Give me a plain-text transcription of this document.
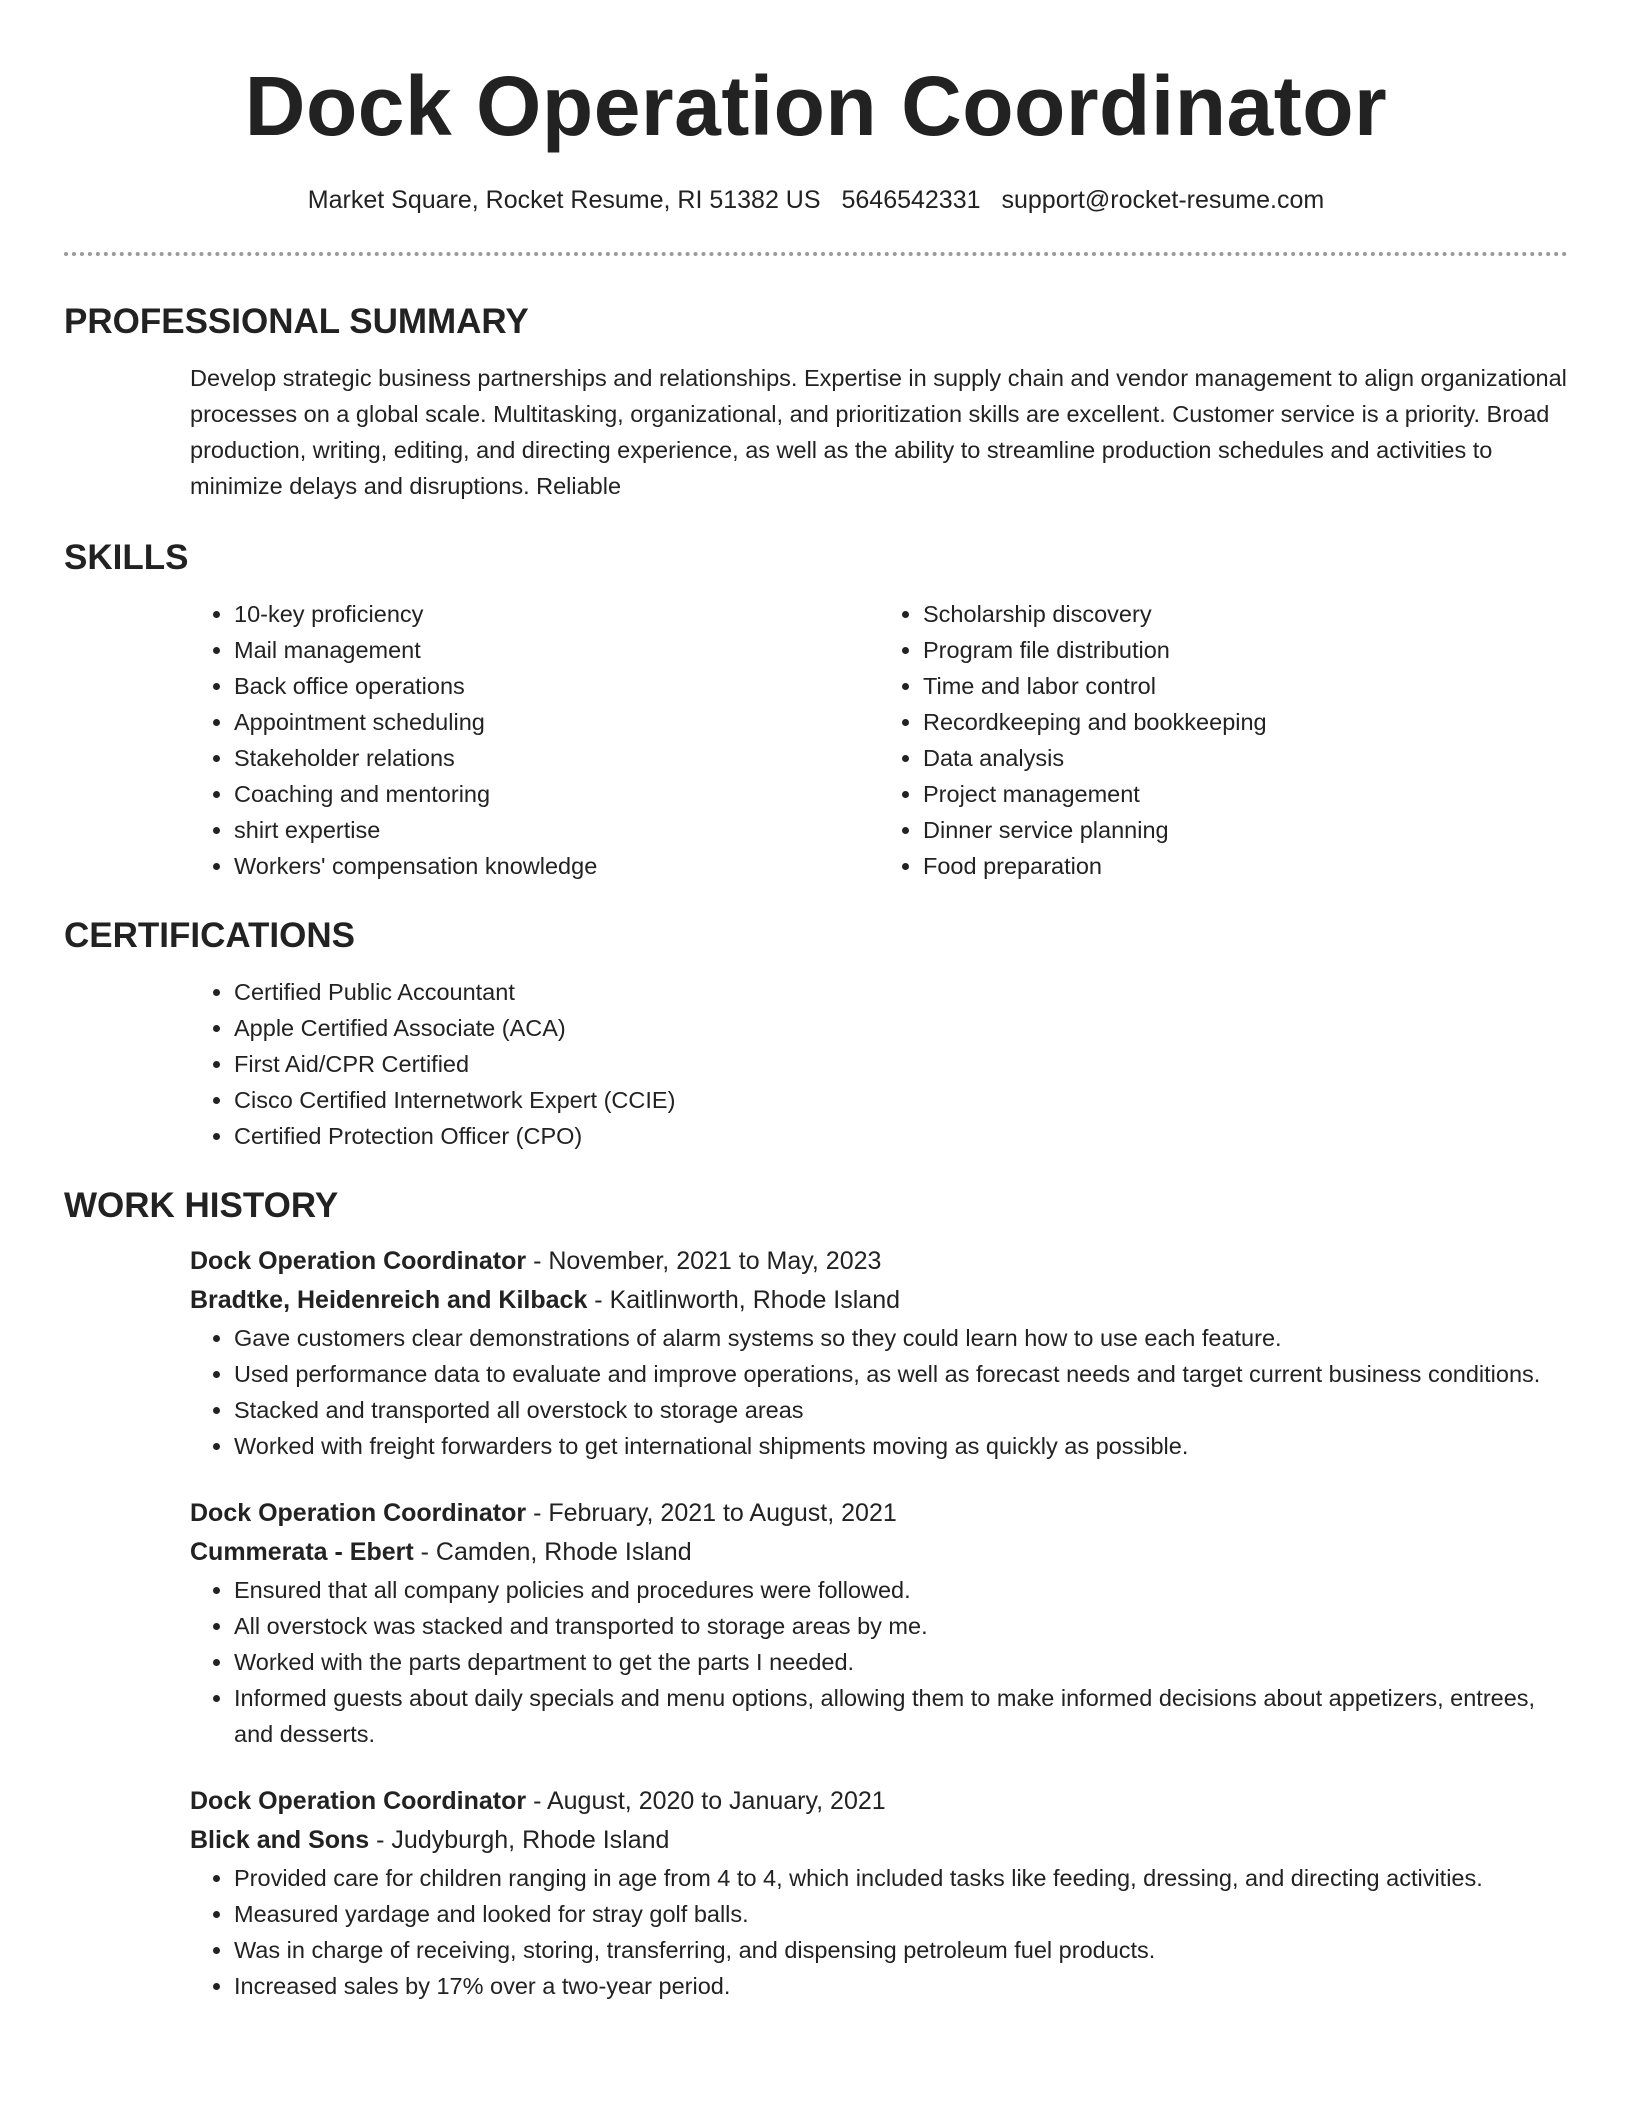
Dock Operation Coordinator
Market Square, Rocket Resume, RI 51382 US 5646542331 support@rocket-resume.com
PROFESSIONAL SUMMARY

Develop strategic business partnerships and relationships. Expertise in supply chain and vendor management to align organizational processes on a global scale. Multitasking, organizational, and prioritization skills are excellent. Customer service is a priority. Broad production, writing, editing, and directing experience, as well as the ability to streamline production schedules and activities to minimize delays and disruptions. Reliable

SKILLS
• 10-key proficiency
• Mail management
• Back office operations
• Appointment scheduling
• Stakeholder relations
• Coaching and mentoring
• shirt expertise
• Workers' compensation knowledge
• Scholarship discovery
• Program file distribution
• Time and labor control
• Recordkeeping and bookkeeping
• Data analysis
• Project management
• Dinner service planning
• Food preparation
CERTIFICATIONS
• Certified Public Accountant
• Apple Certified Associate (ACA)
• First Aid/CPR Certified
• Cisco Certified Internetwork Expert (CCIE)
• Certified Protection Officer (CPO)
WORK HISTORY

Dock Operation Coordinator - November, 2021 to May, 2023

Bradtke, Heidenreich and Kilback - Kaitlinworth, Rhode Island

• Gave customers clear demonstrations of alarm systems so they could learn how to use each feature.
• Used performance data to evaluate and improve operations, as well as forecast needs and target current business conditions.
• Stacked and transported all overstock to storage areas
• Worked with freight forwarders to get international shipments moving as quickly as possible.

Dock Operation Coordinator - February, 2021 to August, 2021

Cummerata - Ebert - Camden, Rhode Island

• Ensured that all company policies and procedures were followed.
• All overstock was stacked and transported to storage areas by me.
• Worked with the parts department to get the parts I needed.
• Informed guests about daily specials and menu options, allowing them to make informed decisions about appetizers, entrees, and desserts.

Dock Operation Coordinator - August, 2020 to January, 2021

Blick and Sons - Judyburgh, Rhode Island

• Provided care for children ranging in age from 4 to 4, which included tasks like feeding, dressing, and directing activities.
• Measured yardage and looked for stray golf balls.
• Was in charge of receiving, storing, transferring, and dispensing petroleum fuel products.
• Increased sales by 17% over a two-year period.
